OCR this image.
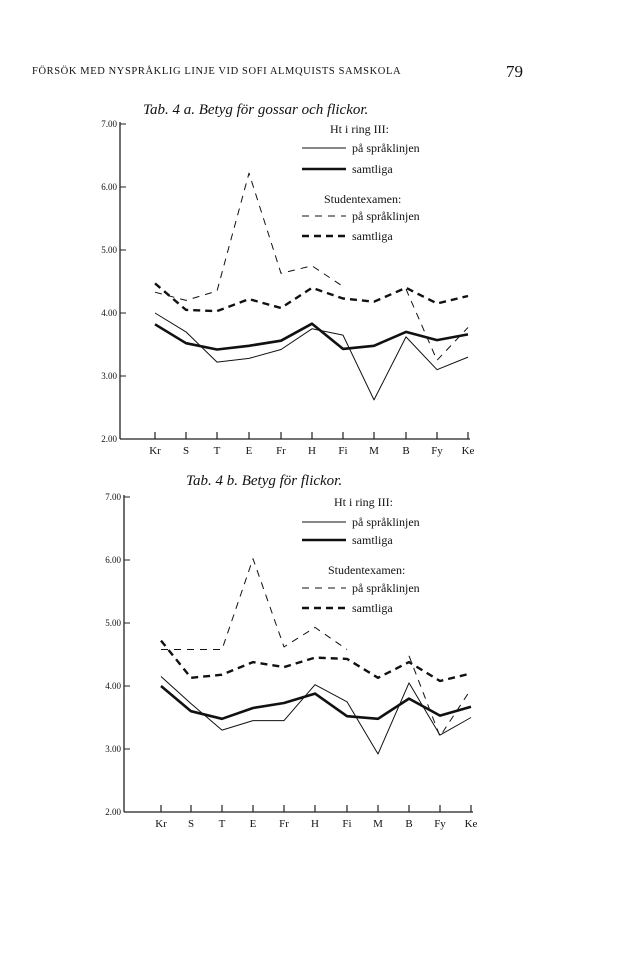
FÖRSÖK MED NYSPRÅKLIG LINJE VID SOFI ALMQUISTS SAMSKOLA	79
Tab. 4 a. Betyg för gossar och flickor.
Tab. 4 b. Betyg för flickor.
2.00
3.00
4.00
5.00
6.00
7.00
Kr S T E Fr H Fi M B Fy Ke
Ht i ring III:
Studentexamen:
på språklinjen
samtliga
på språklinjen
samtliga
2.00
3.00
4.00
5.00
6.00
7.00
Kr S T E Fr H Fi M B Fy Ke
Ht i ring III:
Studentexamen:
på språklinjen
samtliga
på språklinjen
samtliga
